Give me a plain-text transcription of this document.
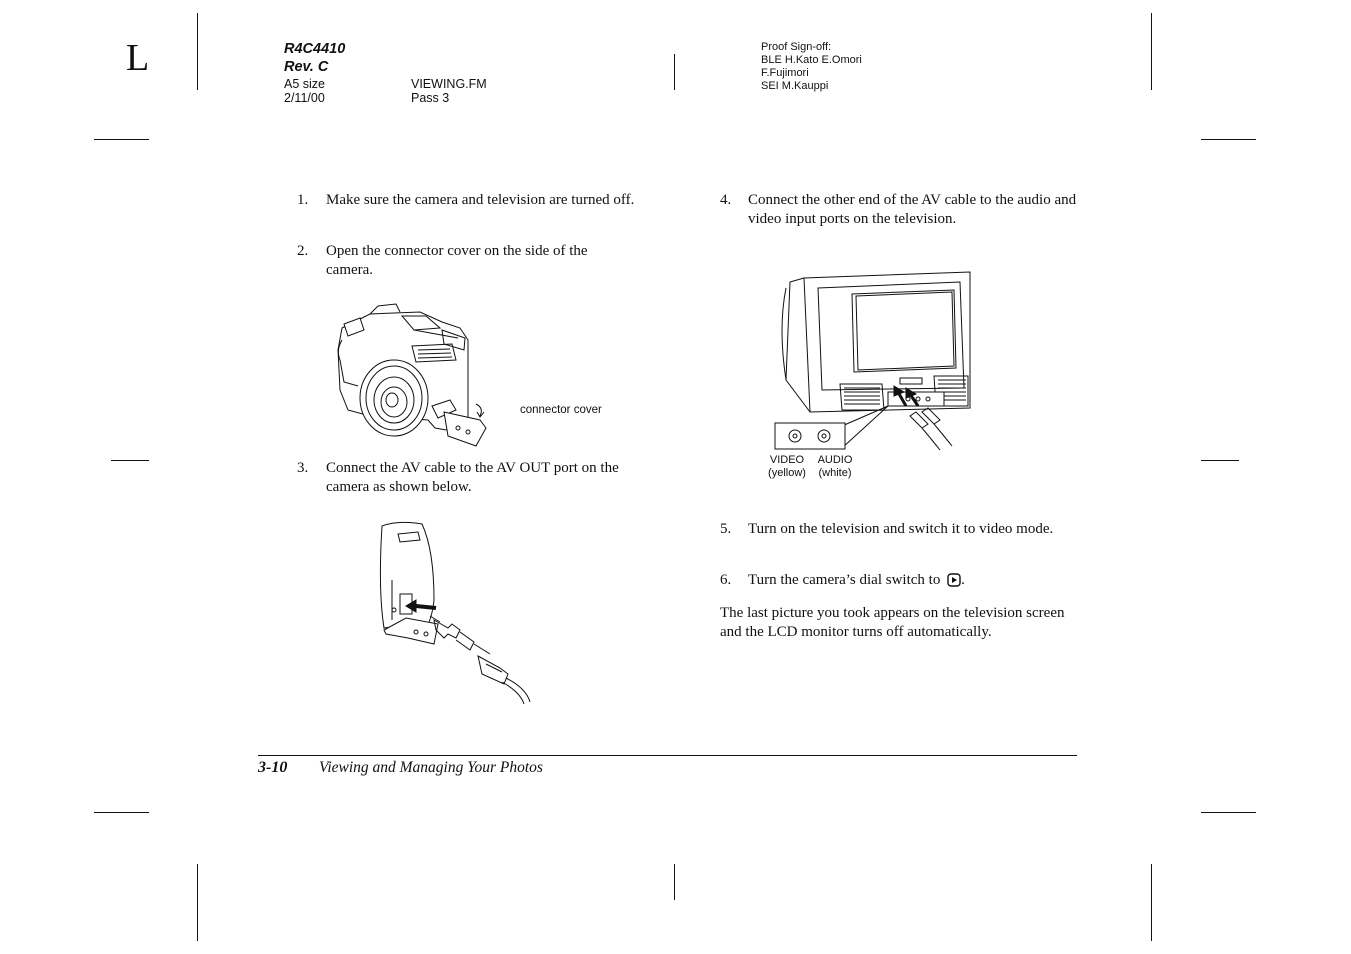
L	R4C4410
Rev. C
A5 size	VIEWING.FM
2/11/00	Pass 3
Proof Sign-off:
BLE H.Kato E.Omori
F.Fujimori
SEI M.Kauppi
1.	Make sure the camera and television are turned off.
2.	Open the connector cover on the side of the camera.
connector cover
3.	Connect the AV cable to the AV OUT port on the camera as shown below.
4.	Connect the other end of the AV cable to the audio and video input ports on the television.
VIDEO
(yellow)
AUDIO
(white)
5.	Turn on the television and switch it to video mode.
6.	Turn the camera’s dial switch to .
The last picture you took appears on the television screen and the LCD monitor turns off automatically.
3-10 Viewing and Managing Your Photos
